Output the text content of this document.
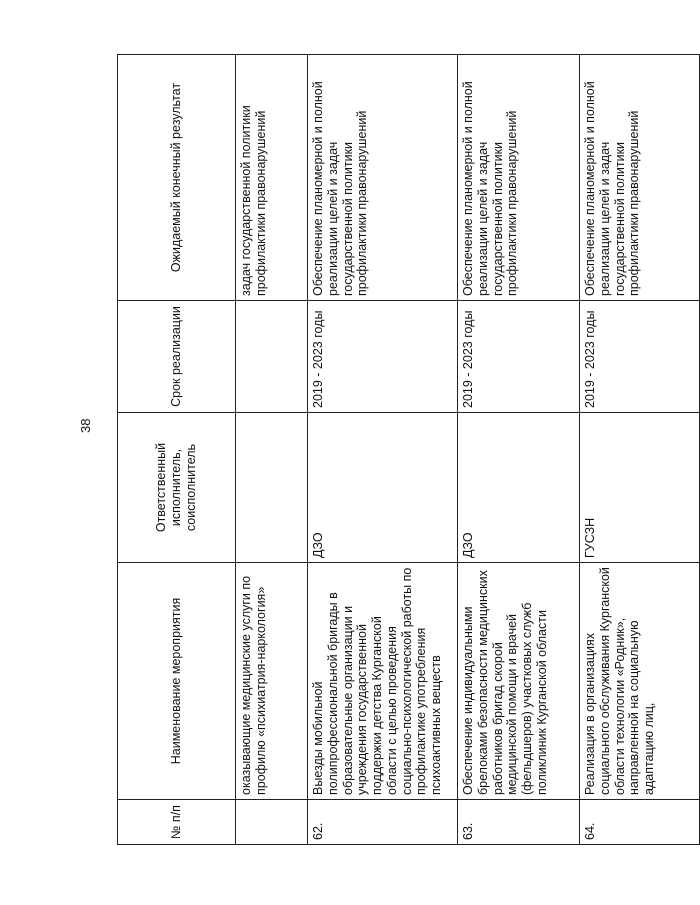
38
№ п/п	Наименование мероприятия	Ответственный исполнитель, соисполнитель	Срок реализации	Ожидаемый конечный результат
	оказывающие медицинские услуги по профилю «психиатрия-наркология»			задач государственной политики профилактики правонарушений
62.	Выезды мобильной полипрофессиональной бригады в образовательные организации и учреждения государственной поддержки детства Курганской области с целью проведения социально-психологической работы по профилактике употребления психоактивных веществ	ДЗО	2019 - 2023 годы	Обеспечение планомерной и полной реализации целей и задач государственной политики профилактики правонарушений
63.	Обеспечение индивидуальными брелоками безопасности медицинских работников бригад скорой медицинской помощи и врачей (фельдшеров) участковых служб поликлиник Курганской области	ДЗО	2019 - 2023 годы	Обеспечение планомерной и полной реализации целей и задач государственной политики профилактики правонарушений
64.	Реализация в организациях социального обслуживания Курганской области технологии «Родник», направленной на социальную адаптацию лиц,	ГУСЗН	2019 - 2023 годы	Обеспечение планомерной и полной реализации целей и задач государственной политики профилактики правонарушений
